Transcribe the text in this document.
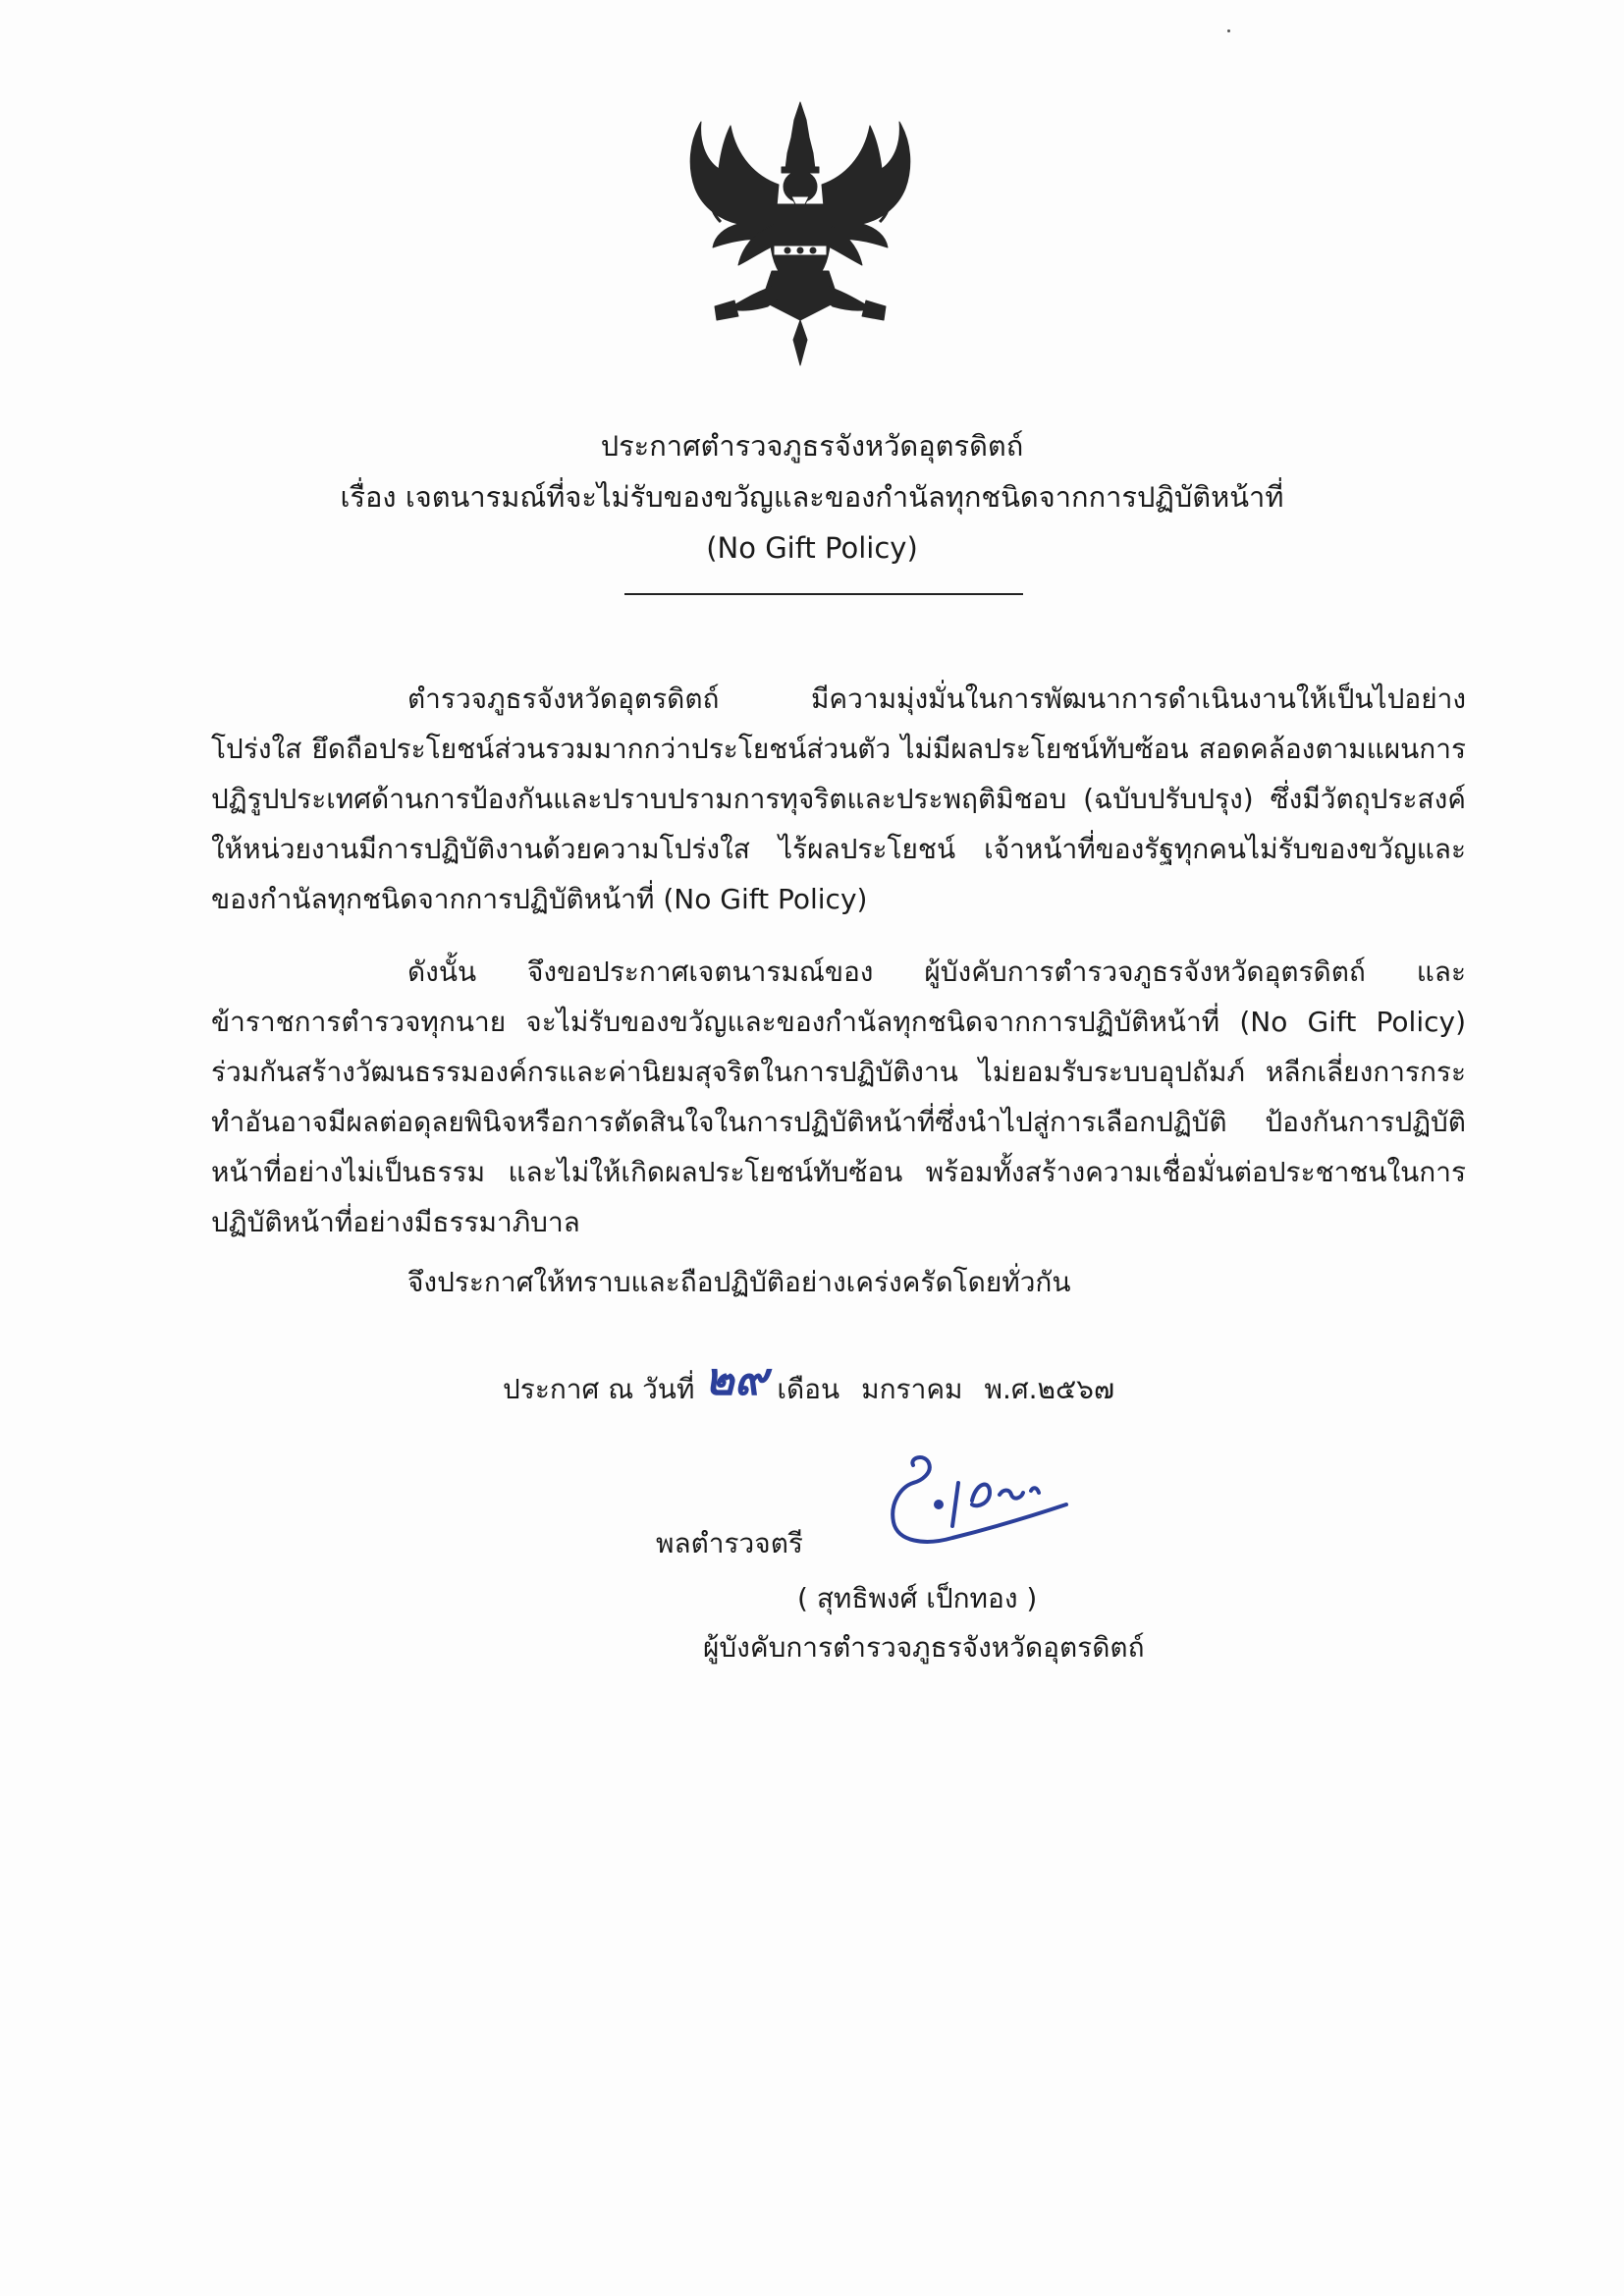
ประกาศตำรวจภูธรจังหวัดอุตรดิตถ์
เรื่อง เจตนารมณ์ที่จะไม่รับของขวัญและของกำนัลทุกชนิดจากการปฏิบัติหน้าที่
(No Gift Policy)

ตำรวจภูธรจังหวัดอุตรดิตถ์ มีความมุ่งมั่นในการพัฒนาการดำเนินงานให้เป็นไปอย่างโปร่งใส ยึดถือประโยชน์ส่วนรวมมากกว่าประโยชน์ส่วนตัว ไม่มีผลประโยชน์ทับซ้อน สอดคล้องตามแผนการปฏิรูปประเทศด้านการป้องกันและปราบปรามการทุจริตและประพฤติมิชอบ (ฉบับปรับปรุง) ซึ่งมีวัตถุประสงค์ให้หน่วยงานมีการปฏิบัติงานด้วยความโปร่งใส ไร้ผลประโยชน์ เจ้าหน้าที่ของรัฐทุกคนไม่รับของขวัญและของกำนัลทุกชนิดจากการปฏิบัติหน้าที่ (No Gift Policy)

ดังนั้น จึงขอประกาศเจตนารมณ์ของ ผู้บังคับการตำรวจภูธรจังหวัดอุตรดิตถ์ และข้าราชการตำรวจทุกนาย จะไม่รับของขวัญและของกำนัลทุกชนิดจากการปฏิบัติหน้าที่ (No Gift Policy) ร่วมกันสร้างวัฒนธรรมองค์กรและค่านิยมสุจริตในการปฏิบัติงาน ไม่ยอมรับระบบอุปถัมภ์ หลีกเลี่ยงการกระทำอันอาจมีผลต่อดุลยพินิจหรือการตัดสินใจในการปฏิบัติหน้าที่ซึ่งนำไปสู่การเลือกปฏิบัติ ป้องกันการปฏิบัติหน้าที่อย่างไม่เป็นธรรม และไม่ให้เกิดผลประโยชน์ทับซ้อน พร้อมทั้งสร้างความเชื่อมั่นต่อประชาชนในการปฏิบัติหน้าที่อย่างมีธรรมาภิบาล

จึงประกาศให้ทราบและถือปฏิบัติอย่างเคร่งครัดโดยทั่วกัน

ประกาศ ณ วันที่ ๒๙ เดือน มกราคม พ.ศ.๒๕๖๗
พลตำรวจตรี
( สุทธิพงศ์ เป็กทอง )
ผู้บังคับการตำรวจภูธรจังหวัดอุตรดิตถ์
